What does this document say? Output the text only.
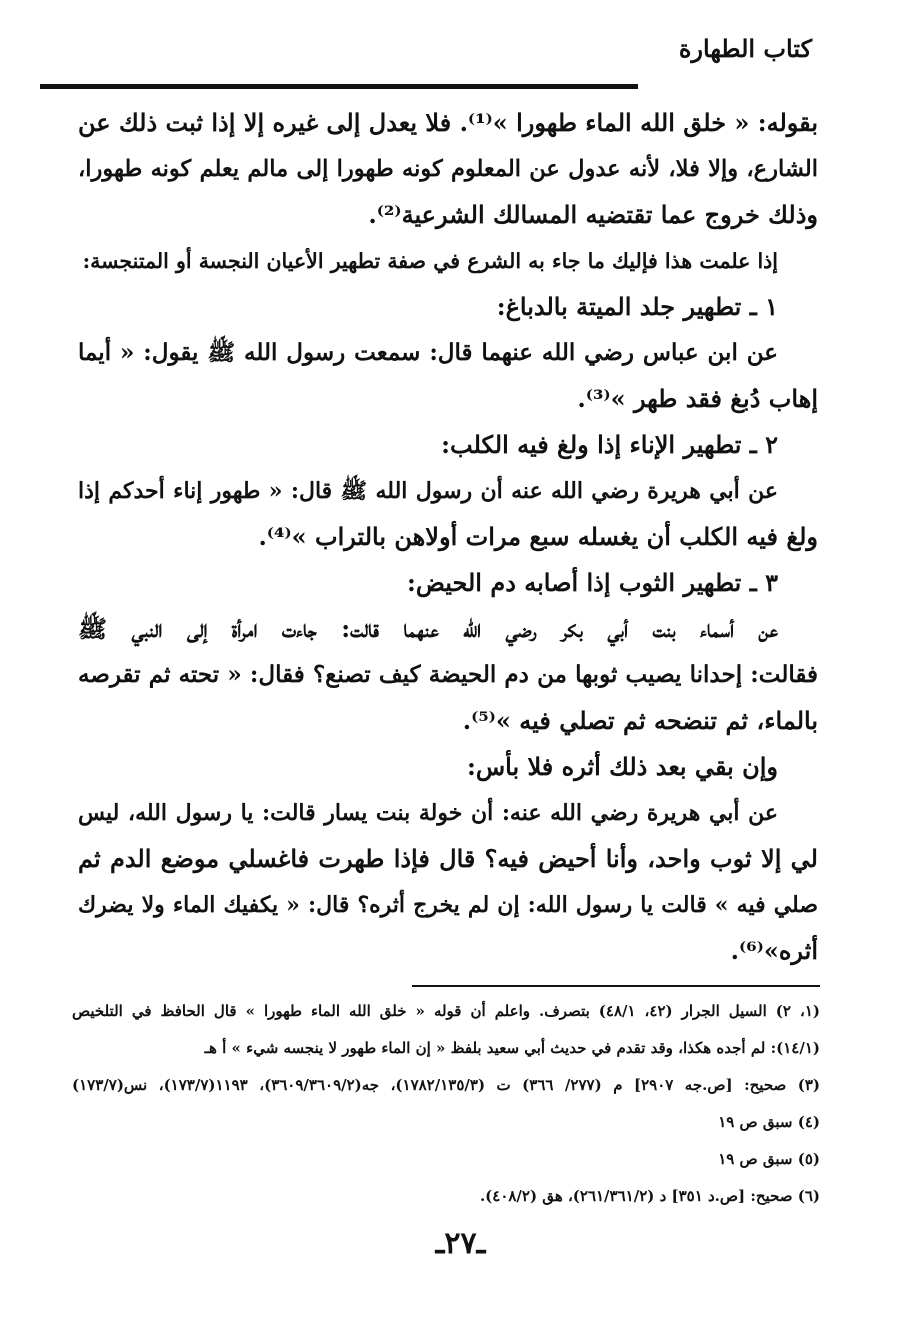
كتاب الطهارة
بقوله: « خلق الله الماء طهورا »⁽¹⁾. فلا يعدل إلى غيره إلا إذا ثبت ذلك عن
الشارع، وإلا فلا، لأنه عدول عن المعلوم كونه طهورا إلى مالم يعلم كونه طهورا،
وذلك خروج عما تقتضيه المسالك الشرعية⁽²⁾.
إذا علمت هذا فإليك ما جاء به الشرع في صفة تطهير الأعيان النجسة أو المتنجسة:
١ ـ تطهير جلد الميتة بالدباغ:
عن ابن عباس رضي الله عنهما قال: سمعت رسول الله ﷺ يقول: « أيما
إهاب دُبغ فقد طهر »⁽³⁾.
٢ ـ تطهير الإناء إذا ولغ فيه الكلب:
عن أبي هريرة رضي الله عنه أن رسول الله ﷺ قال: « طهور إناء أحدكم إذا
ولغ فيه الكلب أن يغسله سبع مرات أولاهن بالتراب »⁽⁴⁾.
٣ ـ تطهير الثوب إذا أصابه دم الحيض:
عن أسماء بنت أبي بكر رضي الله عنهما قالت: جاءت امرأة إلى النبي ﷺ
فقالت: إحدانا يصيب ثوبها من دم الحيضة كيف تصنع؟ فقال: « تحته ثم تقرصه
بالماء، ثم تنضحه ثم تصلي فيه »⁽⁵⁾.
وإن بقي بعد ذلك أثره فلا بأس:
عن أبي هريرة رضي الله عنه: أن خولة بنت يسار قالت: يا رسول الله، ليس
لي إلا ثوب واحد، وأنا أحيض فيه؟ قال فإذا طهرت فاغسلي موضع الدم ثم
صلي فيه » قالت يا رسول الله: إن لم يخرج أثره؟ قال: « يكفيك الماء ولا يضرك
أثره»⁽⁶⁾.
(١، ٢) السيل الجرار (٤٢، ٤٨/١) بتصرف. واعلم أن قوله « خلق الله الماء طهورا » قال الحافظ في التلخيص
(١٤/١): لم أجده هكذا، وقد تقدم في حديث أبي سعيد بلفظ « إن الماء طهور لا ينجسه شيء » أ هـ
(٣) صحيح: [ص.جه ٢٩٠٧] م (٢٧٧/ ٣٦٦) ت (١٧٨٢/١٣٥/٣)، جه(٣٦٠٩/٣٦٠٩/٢)، ١١٩٣(١٧٣/٧)، نس(١٧٣/٧)
(٤) سبق ص ١٩
(٥) سبق ص ١٩
(٦) صحيح: [ص.د ٣٥١] د (٢٦١/٣٦١/٢)، هق (٤٠٨/٢).
ـ٢٧ـ
